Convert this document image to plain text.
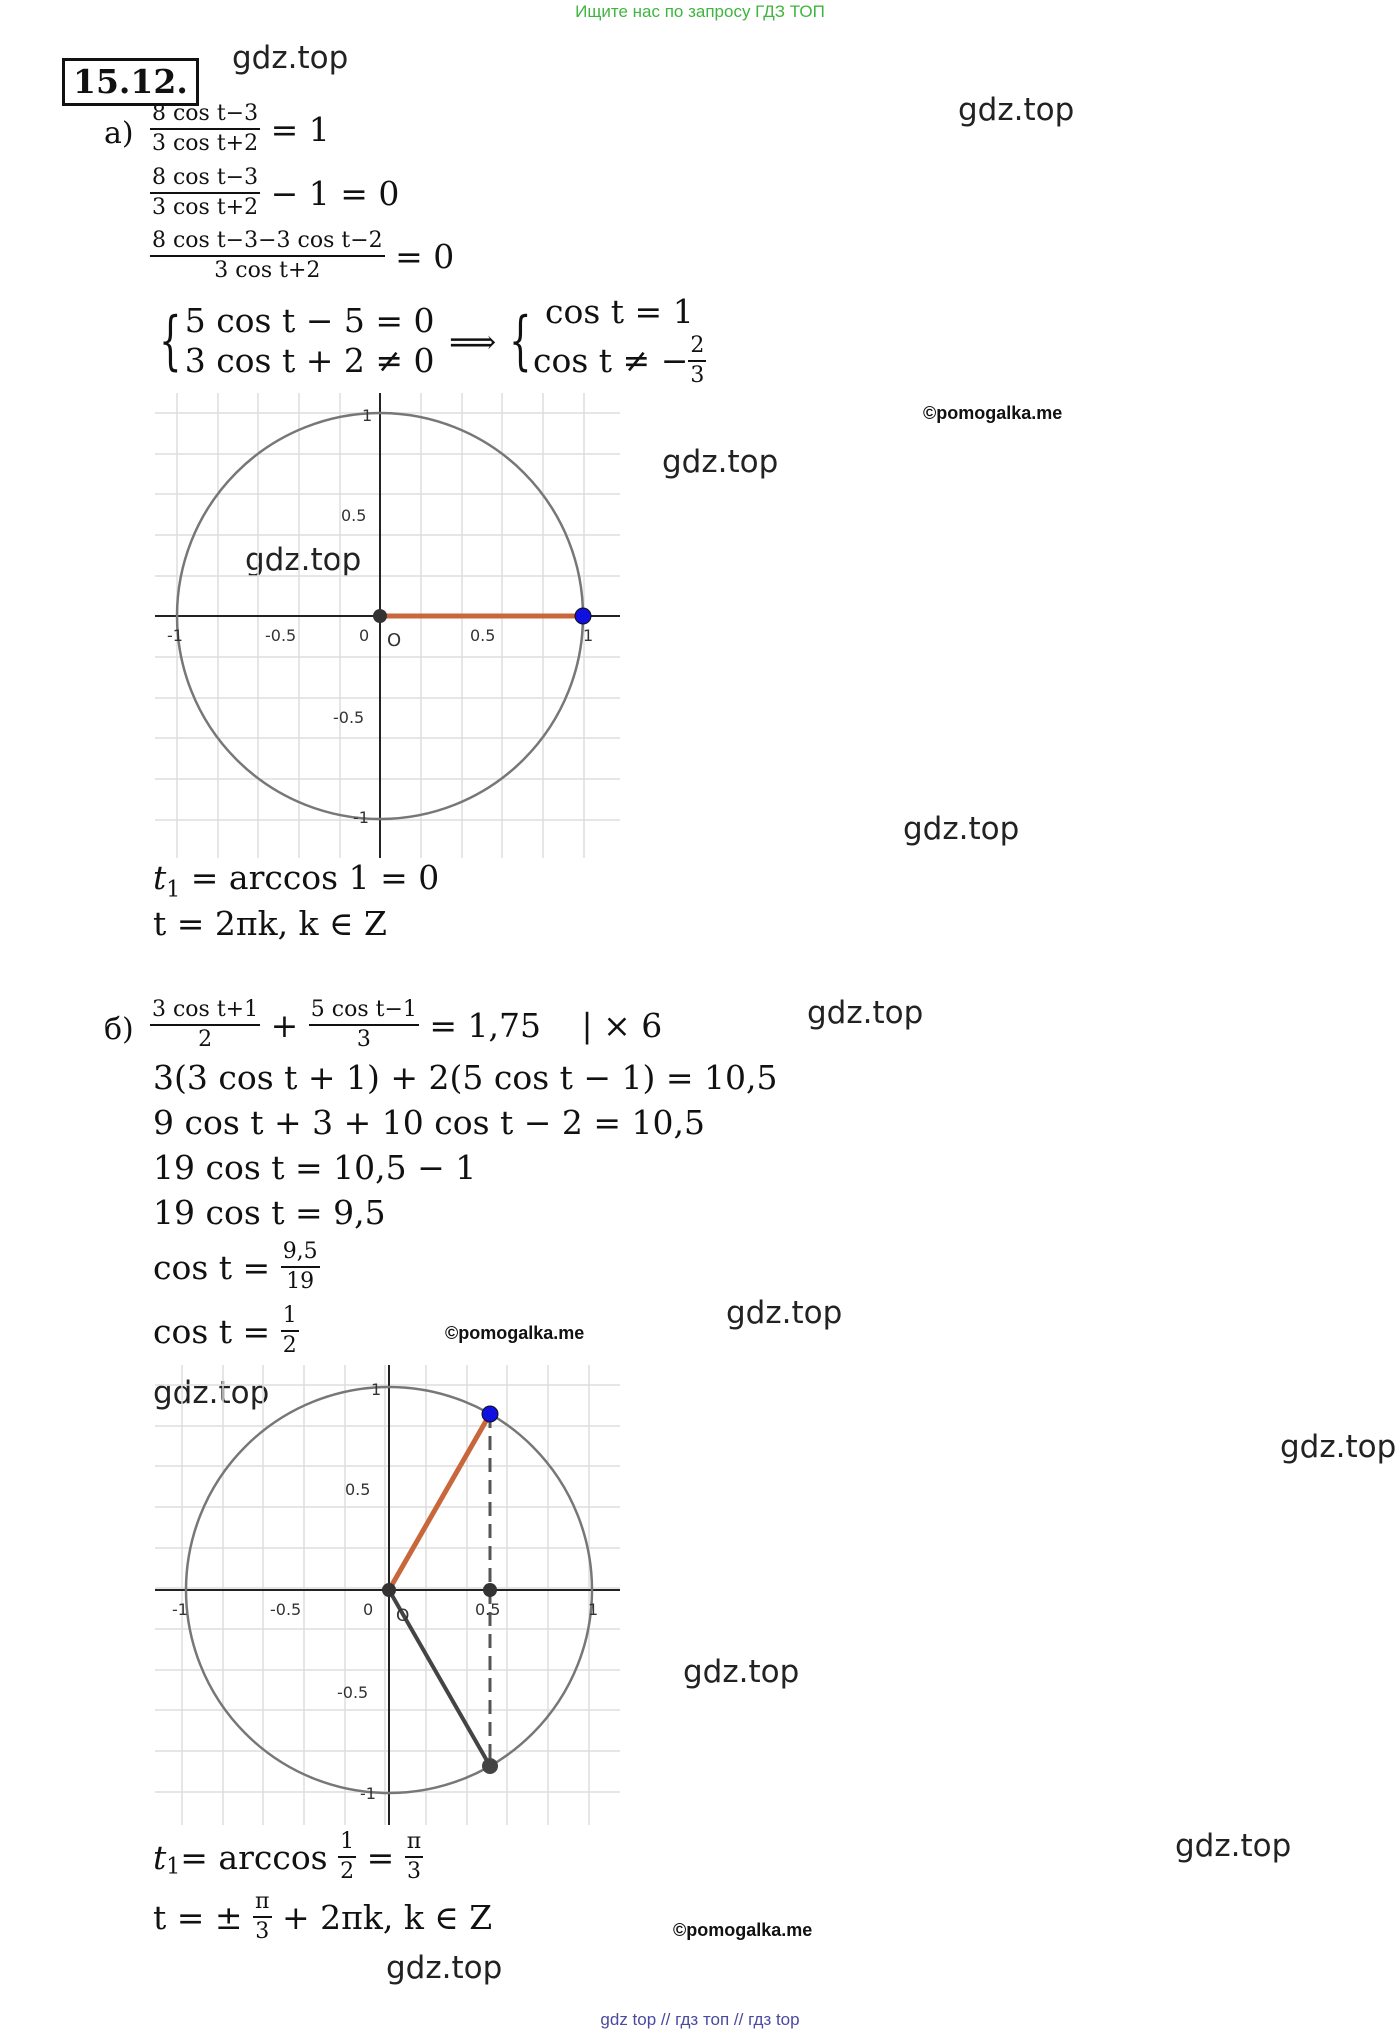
Ищите нас по запросу ГДЗ ТОП
15.12.
gdz.top
gdz.top
gdz.top
gdz.top
gdz.top
gdz.top
gdz.top
gdz.top
gdz.top
gdz.top
gdz.top
gdz.top
©pomogalka.me
©pomogalka.me
©pomogalka.me
$а) \frac{\text{8 cos t−3}}{\text{3 cos t+2}} = 1$
$\frac{\text{8 cos t−3}}{\text{3 cos t+2}} - 1 = 0$
$\frac{\text{8 cos t−3−3 cos t−2}}{\text{3 cos t+2}} = 0$
{ 5 cos t − 5 = 0
3 cos t + 2 ≠ 0 ⟹ { cos t = 1
cos t ≠ − $\frac{2}{3}$
-1	-0.5	0	0.5	1
1
0.5
-0.5
-1
O
$t_1 = \arccos 1 = 0$
t = 2πk, k ∈ Z
$б) \frac{\text{3 cos t+1}}{2} + \frac{\text{5 cos t−1}}{3} = 1,75$ | × 6
3(3 cos t + 1) + 2(5 cos t − 1) = 10,5
9 cos t + 3 + 10 cos t − 2 = 10,5
19 cos t = 10,5 − 1
19 cos t = 9,5
$\cos t = \frac{9,5}{19}$
$\cos t = \frac{1}{2}$
-1	-0.5	0	0.5	1
1
0.5
-0.5
-1
O
$t_1= \arccos \frac{1}{2} = \frac{\pi}{3}$
t = ± $\frac{\pi}{3} + 2\pi k$, k ∈ Z
gdz top // гдз топ // гдз top
